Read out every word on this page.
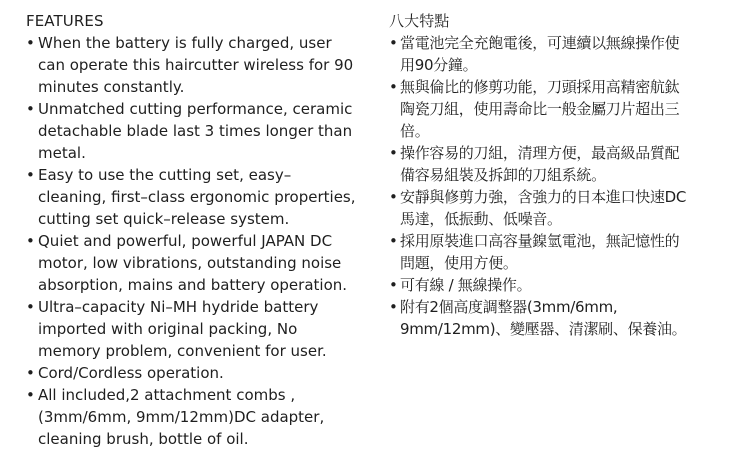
FEATURES
• When the battery is fully charged, user
can operate this haircutter wireless for 90
minutes constantly.
• Unmatched cutting performance, ceramic
detachable blade last 3 times longer than
metal.
• Easy to use the cutting set, easy–
cleaning, first–class ergonomic properties,
cutting set quick–release system.
• Quiet and powerful, powerful JAPAN DC
motor, low vibrations, outstanding noise
absorption, mains and battery operation.
• Ultra–capacity Ni–MH hydride battery
imported with original packing, No
memory problem, convenient for user.
• Cord/Cordless operation.
• All included,2 attachment combs ,
(3mm/6mm, 9mm/12mm)DC adapter,
cleaning brush, bottle of oil.
八大特點
• 當電池完全充飽電後，可連續以無線操作使
用90分鐘。
• 無與倫比的修剪功能，刀頭採用高精密航鈦
陶瓷刀組，使用壽命比一般金屬刀片超出三
倍。
• 操作容易的刀組，清理方便，最高級品質配
備容易組裝及拆卸的刀組系統。
• 安靜與修剪力強，含強力的日本進口快速DC
馬達，低振動、低噪音。
• 採用原裝進口高容量鎳氫電池，無記憶性的
問題，使用方便。
• 可有線 / 無線操作。
• 附有2個高度調整器(3mm/6mm,
9mm/12mm)、變壓器、清潔刷、保養油。
